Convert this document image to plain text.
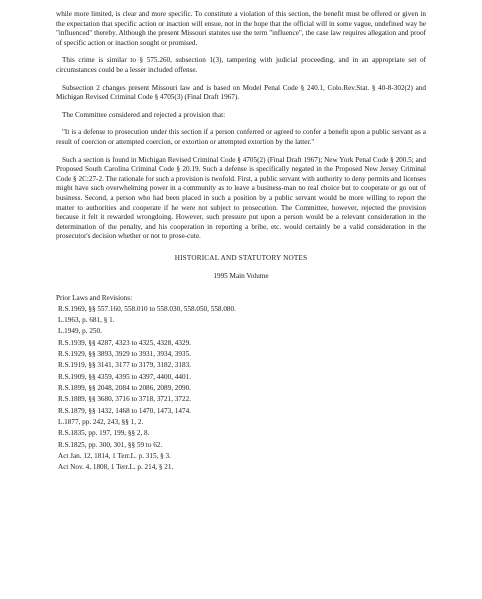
while more limited, is clear and more specific. To constitute a violation of this section, the benefit must be offered or given in the expectation that specific action or inaction will ensue, not in the hope that the official will in some vague, undefined way be "influenced" thereby. Although the present Missouri statutes use the term "influence", the case law requires allegation and proof of specific action or inaction sought or promised.

This crime is similar to § 575.260, subsection 1(3), tampering with judicial proceeding, and in an appropriate set of circumstances could be a lesser included offense.

Subsection 2 changes present Missouri law and is based on Model Penal Code § 240.1, Colo.Rev.Stat. § 40-8-302(2) and Michigan Revised Criminal Code § 4705(3) (Final Draft 1967).

The Committee considered and rejected a provision that:

"It is a defense to prosecution under this section if a person conferred or agreed to confer a benefit upon a public servant as a result of coercion or attempted coercion, or extortion or attempted extortion by the latter."

Such a section is found in Michigan Revised Criminal Code § 4705(2) (Final Draft 1967); New York Penal Code § 200.5; and Proposed South Carolina Criminal Code § 20.19. Such a defense is specifically negated in the Proposed New Jersey Criminal Code § 2C:27-2. The rationale for such a provision is twofold. First, a public servant with authority to deny permits and licenses might have such overwhelming power in a community as to leave a business-man no real choice but to cooperate or go out of business. Second, a person who had been placed in such a position by a public servant would be more willing to report the matter to authorities and cooperate if he were not subject to prosecution. The Committee, however, rejected the provision because it felt it rewarded wrongdoing. However, such pressure put upon a person would be a relevant consideration in the determination of the penalty, and his cooperation in reporting a bribe, etc. would certainly be a valid consideration in the prosecutor's decision whether or not to prose-cute.

HISTORICAL AND STATUTORY NOTES

1995 Main Volume

Prior Laws and Revisions:

R.S.1969, §§ 557.160, 558.010 to 558.030, 558.050, 558.080.
L.1963, p. 681, § 1.
L.1949, p. 250.
R.S.1939, §§ 4287, 4323 to 4325, 4328, 4329.
R.S.1929, §§ 3893, 3929 to 3931, 3934, 3935.
R.S.1919, §§ 3141, 3177 to 3179, 3182, 3183.
R.S.1909, §§ 4359, 4395 to 4397, 4400, 4401.
R.S.1899, §§ 2048, 2084 to 2086, 2089, 2090.
R.S.1889, §§ 3680, 3716 to 3718, 3721, 3722.
R.S.1879, §§ 1432, 1468 to 1470, 1473, 1474.
L.1877, pp. 242, 243, §§ 1, 2.
R.S.1835, pp. 197, 199, §§ 2, 8.
R.S.1825, pp. 300, 301, §§ 59 to 62.
Act Jan. 12, 1814, 1 Terr.L. p. 315, § 3.
Act Nov. 4, 1808, 1 Terr.L. p. 214, § 21.
